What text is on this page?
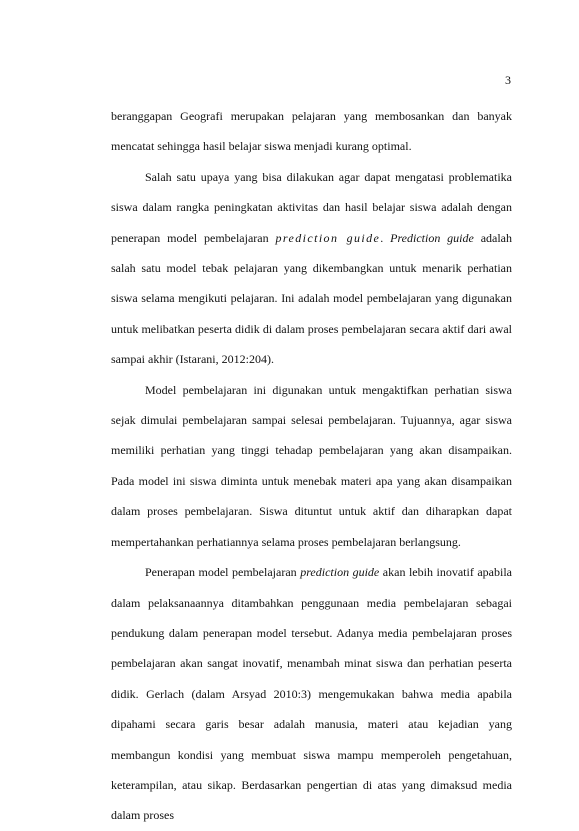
3

beranggapan Geografi merupakan pelajaran yang membosankan dan banyak mencatat sehingga hasil belajar siswa menjadi kurang optimal.

Salah satu upaya yang bisa dilakukan agar dapat mengatasi problematika siswa dalam rangka peningkatan aktivitas dan hasil belajar siswa adalah dengan penerapan model pembelajaran prediction guide. Prediction guide adalah salah satu model tebak pelajaran yang dikembangkan untuk menarik perhatian siswa selama mengikuti pelajaran. Ini adalah model pembelajaran yang digunakan untuk melibatkan peserta didik di dalam proses pembelajaran secara aktif dari awal sampai akhir (Istarani, 2012:204).

Model pembelajaran ini digunakan untuk mengaktifkan perhatian siswa sejak dimulai pembelajaran sampai selesai pembelajaran. Tujuannya, agar siswa memiliki perhatian yang tinggi tehadap pembelajaran yang akan disampaikan. Pada model ini siswa diminta untuk menebak materi apa yang akan disampaikan dalam proses pembelajaran. Siswa dituntut untuk aktif dan diharapkan dapat mempertahankan perhatiannya selama proses pembelajaran berlangsung.

Penerapan model pembelajaran prediction guide akan lebih inovatif apabila dalam pelaksanaannya ditambahkan penggunaan media pembelajaran sebagai pendukung dalam penerapan model tersebut. Adanya media pembelajaran proses pembelajaran akan sangat inovatif, menambah minat siswa dan perhatian peserta didik. Gerlach (dalam Arsyad 2010:3) mengemukakan bahwa media apabila dipahami secara garis besar adalah manusia, materi atau kejadian yang membangun kondisi yang membuat siswa mampu memperoleh pengetahuan, keterampilan, atau sikap. Berdasarkan pengertian di atas yang dimaksud media dalam proses
